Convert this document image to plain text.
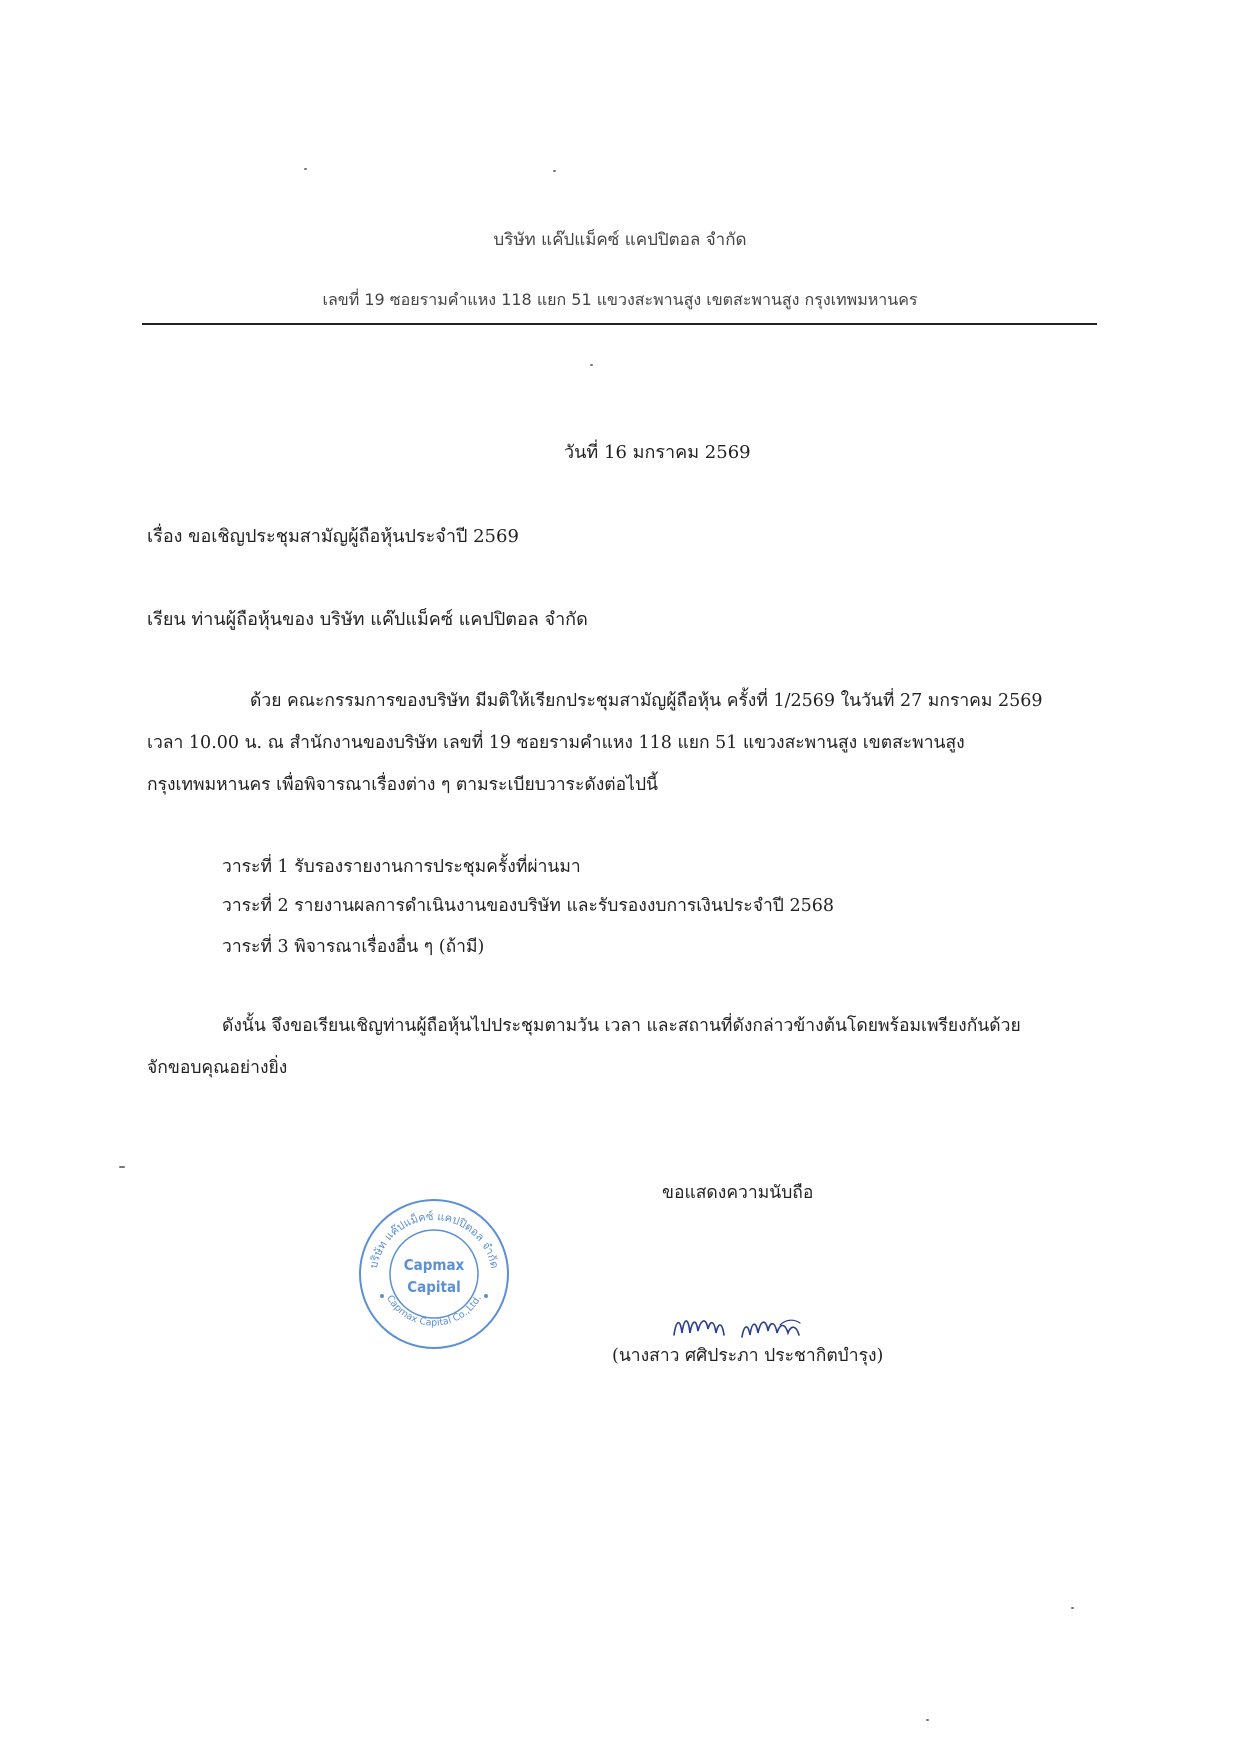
บริษัท แค๊ปแม็คซ์ แคปปิตอล จำกัด
เลขที่ 19 ซอยรามคำแหง 118 แยก 51 แขวงสะพานสูง เขตสะพานสูง กรุงเทพมหานคร
วันที่ 16 มกราคม 2569
เรื่อง ขอเชิญประชุมสามัญผู้ถือหุ้นประจำปี 2569
เรียน ท่านผู้ถือหุ้นของ บริษัท แค๊ปแม็คซ์ แคปปิตอล จำกัด
ด้วย คณะกรรมการของบริษัท มีมติให้เรียกประชุมสามัญผู้ถือหุ้น ครั้งที่ 1/2569 ในวันที่ 27 มกราคม 2569
เวลา 10.00 น. ณ สำนักงานของบริษัท เลขที่ 19 ซอยรามคำแหง 118 แยก 51 แขวงสะพานสูง เขตสะพานสูง
กรุงเทพมหานคร เพื่อพิจารณาเรื่องต่าง ๆ ตามระเบียบวาระดังต่อไปนี้
วาระที่ 1 รับรองรายงานการประชุมครั้งที่ผ่านมา
วาระที่ 2 รายงานผลการดำเนินงานของบริษัท และรับรองงบการเงินประจำปี 2568
วาระที่ 3 พิจารณาเรื่องอื่น ๆ (ถ้ามี)
ดังนั้น จึงขอเรียนเชิญท่านผู้ถือหุ้นไปประชุมตามวัน เวลา และสถานที่ดังกล่าวข้างต้นโดยพร้อมเพรียงกันด้วย
จักขอบคุณอย่างยิ่ง
ขอแสดงความนับถือ
บริษัท แค๊ปแม็คซ์ แคปปิตอล จำกัด
Capmax Capital Co.,Ltd.
Capmax
Capital
(นางสาว ศศิประภา ประชากิตบำรุง)
